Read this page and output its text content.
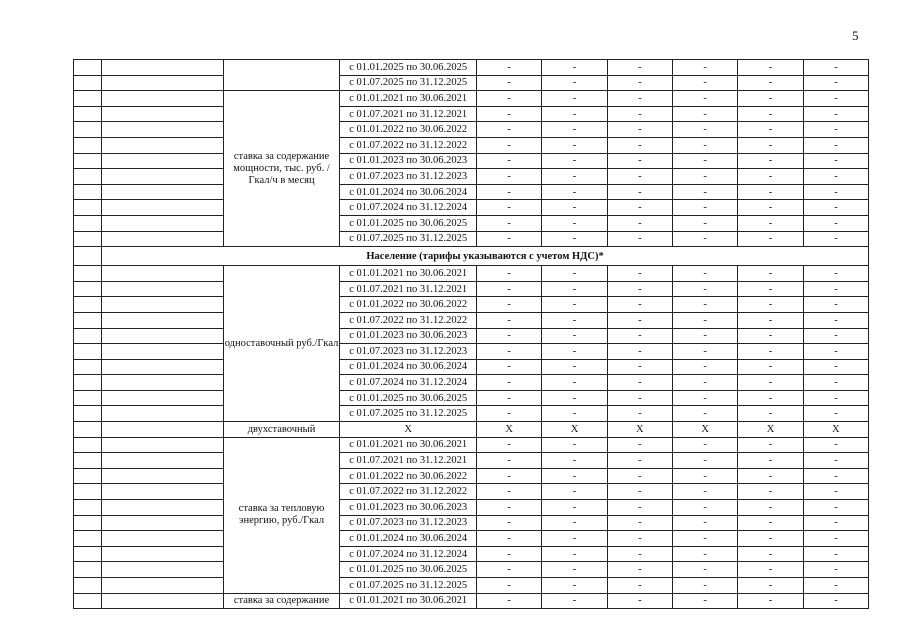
5
			с 01.01.2025 по 30.06.2025	-	-	-	-	-	-
			с 01.07.2025 по 31.12.2025	-	-	-	-	-	-
		ставка за содержание мощности, тыс. руб. /Гкал/ч в месяц	с 01.01.2021 по 30.06.2021	-	-	-	-	-	-
			с 01.07.2021 по 31.12.2021	-	-	-	-	-	-
			с 01.01.2022 по 30.06.2022	-	-	-	-	-	-
			с 01.07.2022 по 31.12.2022	-	-	-	-	-	-
			с 01.01.2023 по 30.06.2023	-	-	-	-	-	-
			с 01.07.2023 по 31.12.2023	-	-	-	-	-	-
			с 01.01.2024 по 30.06.2024	-	-	-	-	-	-
			с 01.07.2024 по 31.12.2024	-	-	-	-	-	-
			с 01.01.2025 по 30.06.2025	-	-	-	-	-	-
			с 01.07.2025 по 31.12.2025	-	-	-	-	-	-
	Население (тарифы указываются с учетом НДС)*								
		одноставочный руб./Гкал	с 01.01.2021 по 30.06.2021	-	-	-	-	-	-
			с 01.07.2021 по 31.12.2021	-	-	-	-	-	-
			с 01.01.2022 по 30.06.2022	-	-	-	-	-	-
			с 01.07.2022 по 31.12.2022	-	-	-	-	-	-
			с 01.01.2023 по 30.06.2023	-	-	-	-	-	-
			с 01.07.2023 по 31.12.2023	-	-	-	-	-	-
			с 01.01.2024 по 30.06.2024	-	-	-	-	-	-
			с 01.07.2024 по 31.12.2024	-	-	-	-	-	-
			с 01.01.2025 по 30.06.2025	-	-	-	-	-	-
			с 01.07.2025 по 31.12.2025	-	-	-	-	-	-
		двухставочный	Х	Х	Х	Х	Х	Х	Х
		ставка за тепловую энергию, руб./Гкал	с 01.01.2021 по 30.06.2021	-	-	-	-	-	-
			с 01.07.2021 по 31.12.2021	-	-	-	-	-	-
			с 01.01.2022 по 30.06.2022	-	-	-	-	-	-
			с 01.07.2022 по 31.12.2022	-	-	-	-	-	-
			с 01.01.2023 по 30.06.2023	-	-	-	-	-	-
			с 01.07.2023 по 31.12.2023	-	-	-	-	-	-
			с 01.01.2024 по 30.06.2024	-	-	-	-	-	-
			с 01.07.2024 по 31.12.2024	-	-	-	-	-	-
			с 01.01.2025 по 30.06.2025	-	-	-	-	-	-
			с 01.07.2025 по 31.12.2025	-	-	-	-	-	-
		ставка за содержание	с 01.01.2021 по 30.06.2021	-	-	-	-	-	-
